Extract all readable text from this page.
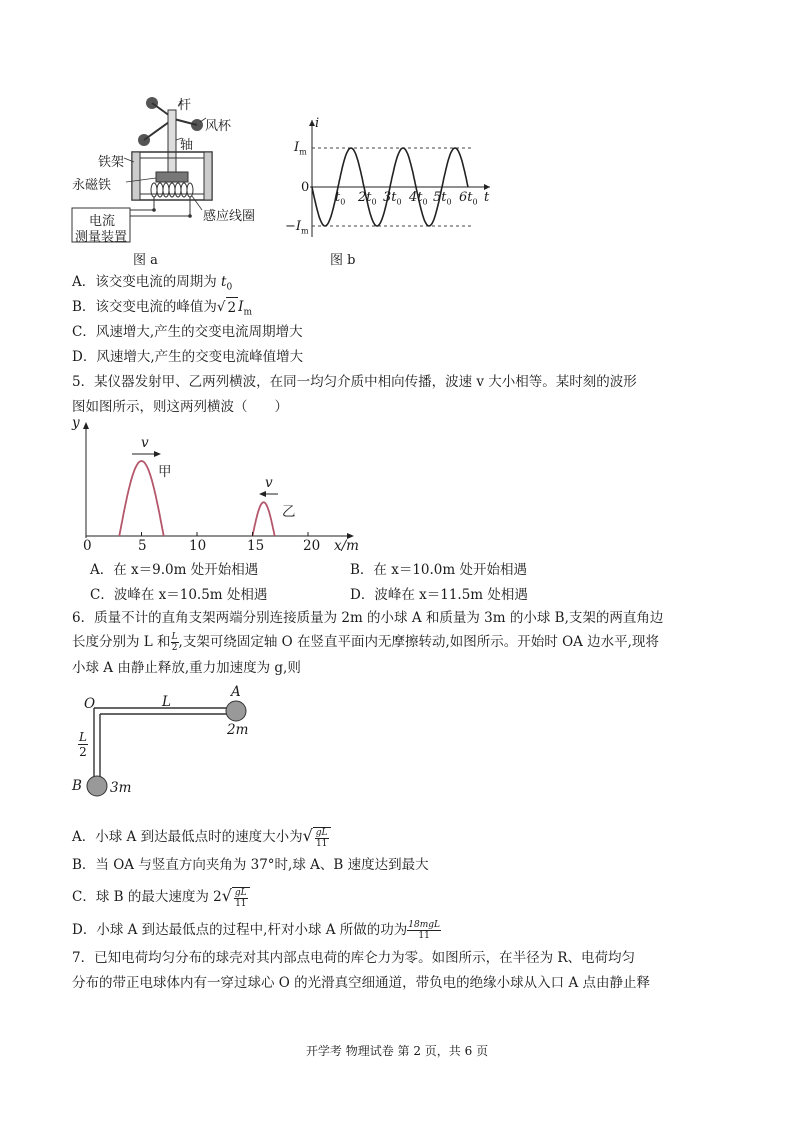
杆
风杯
轴
铁架
永磁铁
感应线圈
电流
测量装置
图 a
i
$I_m$
0
$-I_m$
t
$t_0$ $2t_0$ $3t_0$ $4t_0$ $5t_0$ $6t_0$
图 b
A．该交变电流的周期为 $t_0$
B．该交变电流的峰值为√ 2 $I_m$
C．风速增大,产生的交变电流周期增大
D．风速增大,产生的交变电流峰值增大
5．某仪器发射甲、乙两列横波，在同一均匀介质中相向传播，波速 v 大小相等。某时刻的波形
图如图所示，则这两列横波（　　）
y
x/m
v
甲
v
乙
0	5	10	15	20
A．在 x＝9.0m 处开始相遇	B．在 x＝10.0m 处开始相遇
C．波峰在 x＝10.5m 处相遇	D．波峰在 x＝11.5m 处相遇
6．质量不计的直角支架两端分别连接质量为 2m 的小球 A 和质量为 3m 的小球 B,支架的两直角边
长度分别为 L 和 $\frac{L}{2}$,支架可绕固定轴 O 在竖直平面内无摩擦转动,如图所示。开始时 OA 边水平,现将
小球 A 由静止释放,重力加速度为 g,则
O	L
A
2m
$\frac{L}{2}$
B 3m
A．小球 A 到达最低点时的速度大小为√ $\frac{gL}{11}$
B．当 OA 与竖直方向夹角为 37°时,球 A、B 速度达到最大
C．球 B 的最大速度为 $2√ \frac{gL}{11}$
D．小球 A 到达最低点的过程中,杆对小球 A 所做的功为 $\frac{\text{18mgL}}{11}$
7．已知电荷均匀分布的球壳对其内部点电荷的库仑力为零。如图所示，在半径为 R、电荷均匀
分布的带正电球体内有一穿过球心 O 的光滑真空细通道，带负电的绝缘小球从入口 A 点由静止释
开学考 物理试卷 第 2 页，共 6 页
